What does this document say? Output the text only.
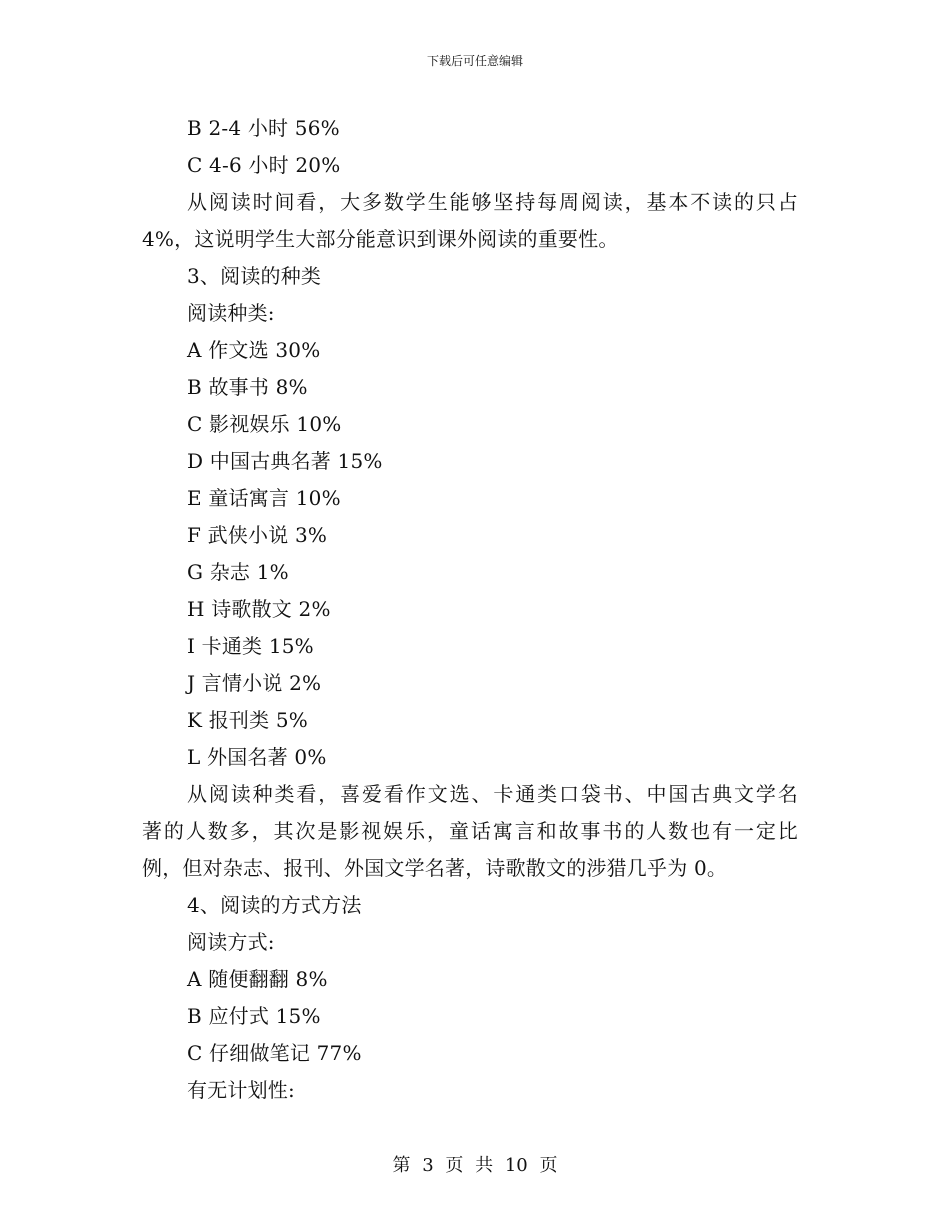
下载后可任意编辑
B 2-4 小时 56%
C 4-6 小时 20%
从阅读时间看，大多数学生能够坚持每周阅读，基本不读的只占
4%，这说明学生大部分能意识到课外阅读的重要性。
3、阅读的种类
阅读种类:
A 作文选 30%
B 故事书 8%
C 影视娱乐 10%
D 中国古典名著 15%
E 童话寓言 10%
F 武侠小说 3%
G 杂志 1%
H 诗歌散文 2%
I 卡通类 15%
J 言情小说 2%
K 报刊类 5%
L 外国名著 0%
从阅读种类看，喜爱看作文选、卡通类口袋书、中国古典文学名
著的人数多，其次是影视娱乐，童话寓言和故事书的人数也有一定比
例，但对杂志、报刊、外国文学名著，诗歌散文的涉猎几乎为 0。
4、阅读的方式方法
阅读方式:
A 随便翻翻 8%
B 应付式 15%
C 仔细做笔记 77%
有无计划性:
第 3 页 共 10 页
